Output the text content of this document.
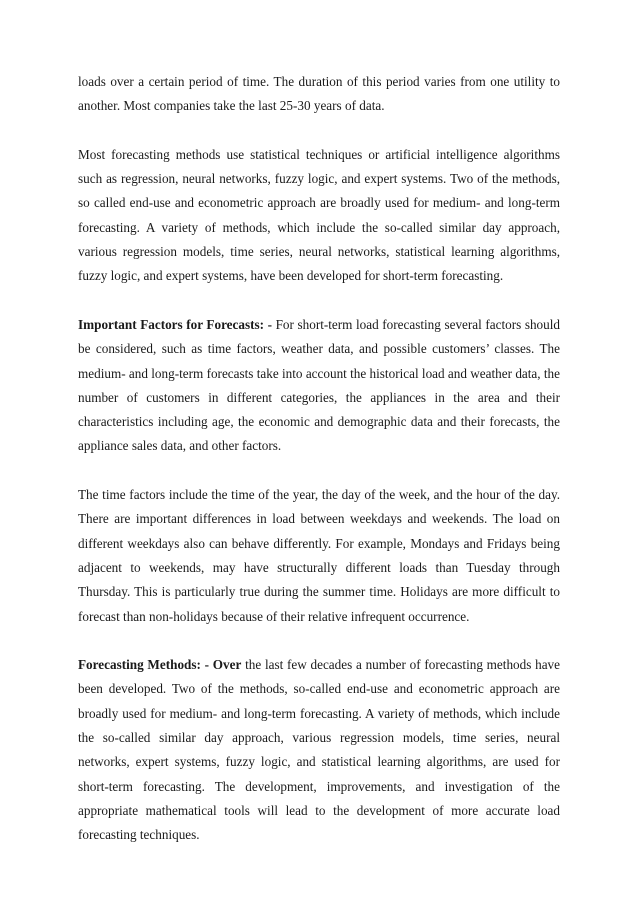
loads over a certain period of time. The duration of this period varies from one utility to another. Most companies take the last 25-30 years of data.

Most forecasting methods use statistical techniques or artificial intelligence algorithms such as regression, neural networks, fuzzy logic, and expert systems. Two of the methods, so called end-use and econometric approach are broadly used for medium- and long-term forecasting. A variety of methods, which include the so-called similar day approach, various regression models, time series, neural networks, statistical learning algorithms, fuzzy logic, and expert systems, have been developed for short-term forecasting.

Important Factors for Forecasts: - For short-term load forecasting several factors should be considered, such as time factors, weather data, and possible customers’ classes. The medium- and long-term forecasts take into account the historical load and weather data, the number of customers in different categories, the appliances in the area and their characteristics including age, the economic and demographic data and their forecasts, the appliance sales data, and other factors.

The time factors include the time of the year, the day of the week, and the hour of the day. There are important differences in load between weekdays and weekends. The load on different weekdays also can behave differently. For example, Mondays and Fridays being adjacent to weekends, may have structurally different loads than Tuesday through Thursday. This is particularly true during the summer time. Holidays are more difficult to forecast than non-holidays because of their relative infrequent occurrence.

Forecasting Methods: - Over the last few decades a number of forecasting methods have been developed. Two of the methods, so-called end-use and econometric approach are broadly used for medium- and long-term forecasting. A variety of methods, which include the so-called similar day approach, various regression models, time series, neural networks, expert systems, fuzzy logic, and statistical learning algorithms, are used for short-term forecasting. The development, improvements, and investigation of the appropriate mathematical tools will lead to the development of more accurate load forecasting techniques.
